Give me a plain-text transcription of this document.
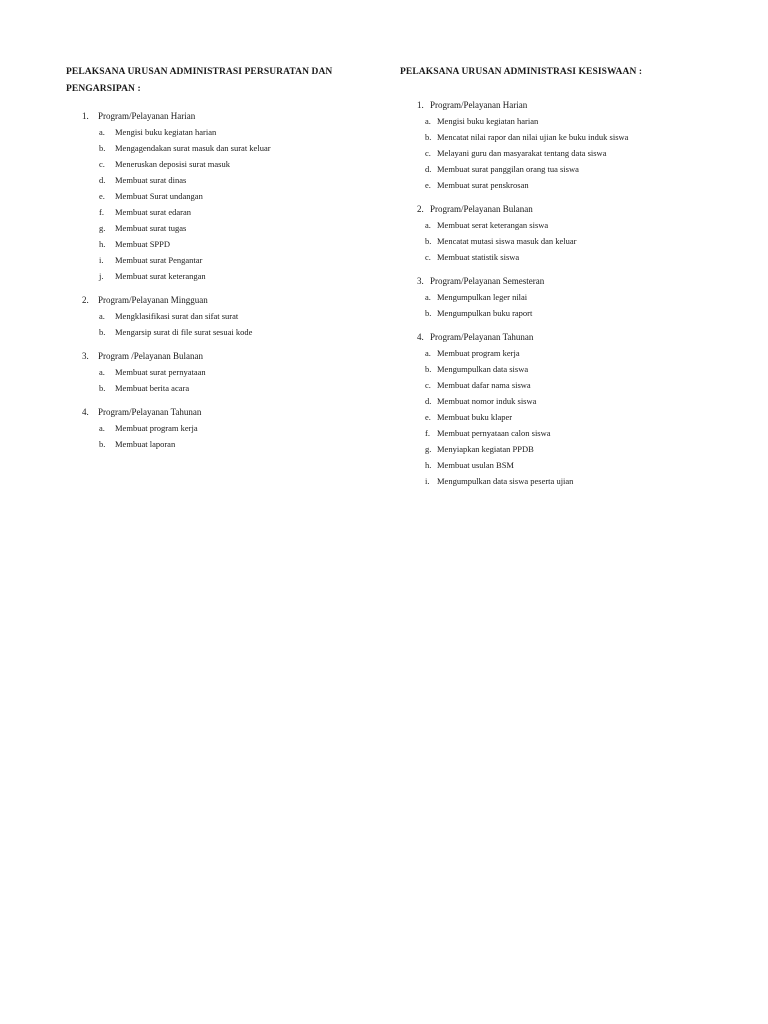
PELAKSANA URUSAN ADMINISTRASI PERSURATAN DAN
PENGARSIPAN :
1.	Program/Pelayanan Harian
a.	Mengisi buku kegiatan harian
b.	Mengagendakan surat masuk dan surat keluar
c.	Meneruskan deposisi surat masuk
d.	Membuat surat dinas
e.	Membuat Surat undangan
f.	Membuat surat edaran
g.	Membuat surat tugas
h.	Membuat SPPD
i.	Membuat surat Pengantar
j.	Membuat surat keterangan
2.	Program/Pelayanan Mingguan
a.	Mengklasifikasi surat dan sifat surat
b.	Mengarsip surat di file surat sesuai kode
3.	Program /Pelayanan Bulanan
a.	Membuat surat pernyataan
b.	Membuat berita acara
4.	Program/Pelayanan Tahunan
a.	Membuat program kerja
b.	Membuat laporan
PELAKSANA URUSAN ADMINISTRASI KESISWAAN :
1. Program/Pelayanan Harian
a. Mengisi buku kegiatan harian
b. Mencatat nilai rapor dan nilai ujian ke buku induk siswa
c. Melayani guru dan masyarakat tentang data siswa
d. Membuat surat panggilan orang tua siswa
e. Membuat surat penskrosan
2. Program/Pelayanan Bulanan
a. Membuat serat keterangan siswa
b. Mencatat mutasi siswa masuk dan keluar
c. Membuat statistik siswa
3. Program/Pelayanan Semesteran
a. Mengumpulkan leger nilai
b. Mengumpulkan buku raport
4. Program/Pelayanan Tahunan
a. Membuat program kerja
b. Mengumpulkan data siswa
c. Membuat dafar nama siswa
d. Membuat nomor induk siswa
e. Membuat buku klaper
f. Membuat pernyataan calon siswa
g. Menyiapkan kegiatan PPDB
h. Membuat usulan BSM
i. Mengumpulkan data siswa peserta ujian
